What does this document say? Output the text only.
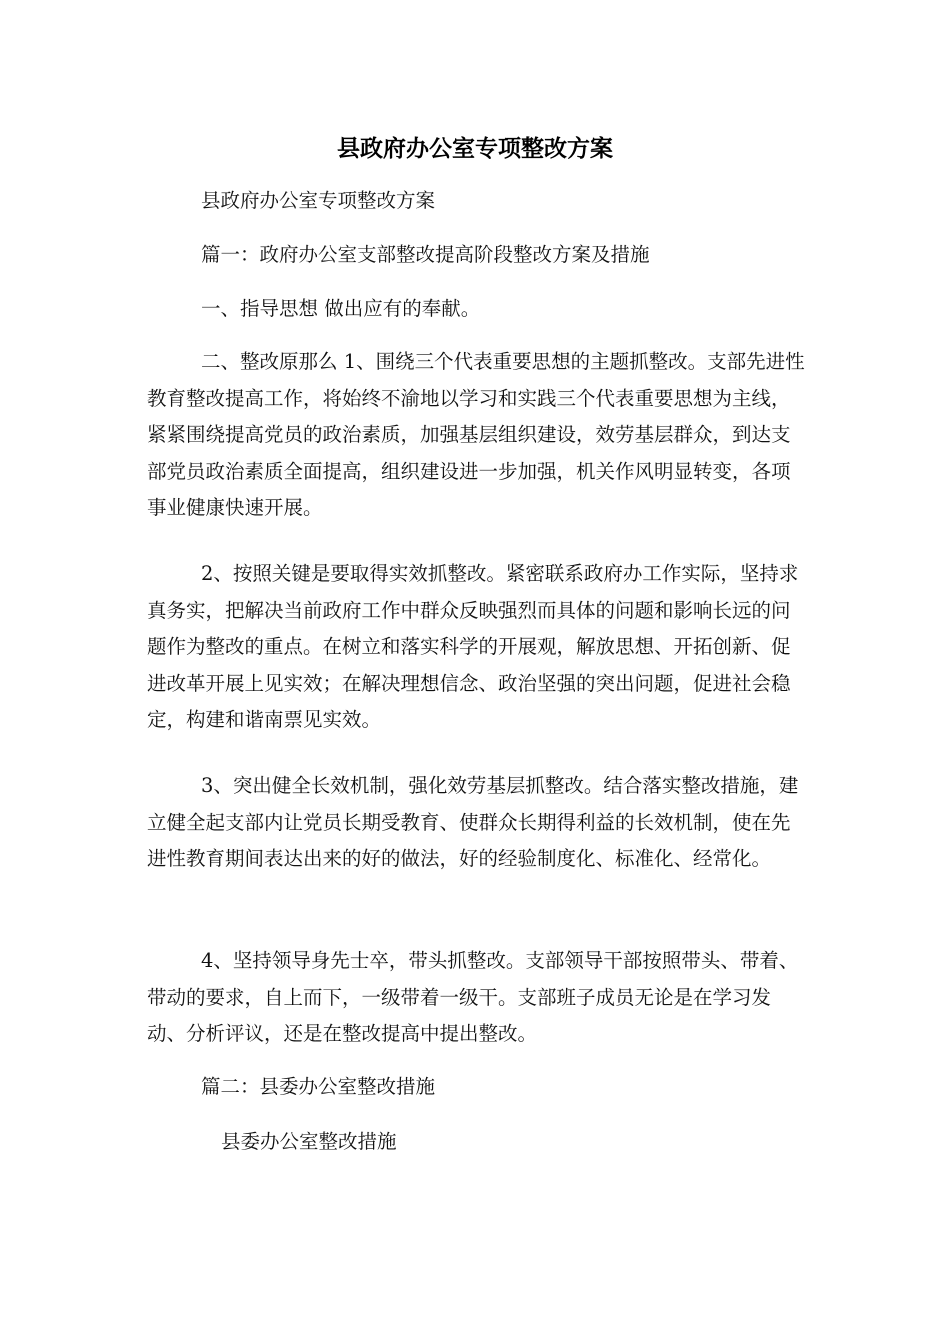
县政府办公室专项整改方案

县政府办公室专项整改方案

篇一：政府办公室支部整改提高阶段整改方案及措施

一、指导思想 做出应有的奉献。

二、整改原那么 1、围绕三个代表重要思想的主题抓整改。支部先进性教育整改提高工作，将始终不渝地以学习和实践三个代表重要思想为主线，紧紧围绕提高党员的政治素质，加强基层组织建设，效劳基层群众，到达支部党员政治素质全面提高，组织建设进一步加强，机关作风明显转变，各项事业健康快速开展。

2、按照关键是要取得实效抓整改。紧密联系政府办工作实际，坚持求真务实，把解决当前政府工作中群众反映强烈而具体的问题和影响长远的问题作为整改的重点。在树立和落实科学的开展观，解放思想、开拓创新、促进改革开展上见实效；在解决理想信念、政治坚强的突出问题，促进社会稳定，构建和谐南票见实效。

3、突出健全长效机制，强化效劳基层抓整改。结合落实整改措施，建立健全起支部内让党员长期受教育、使群众长期得利益的长效机制，使在先进性教育期间表达出来的好的做法，好的经验制度化、标准化、经常化。

4、坚持领导身先士卒，带头抓整改。支部领导干部按照带头、带着、带动的要求，自上而下，一级带着一级干。支部班子成员无论是在学习发动、分析评议，还是在整改提高中提出整改。

篇二：县委办公室整改措施

县委办公室整改措施
